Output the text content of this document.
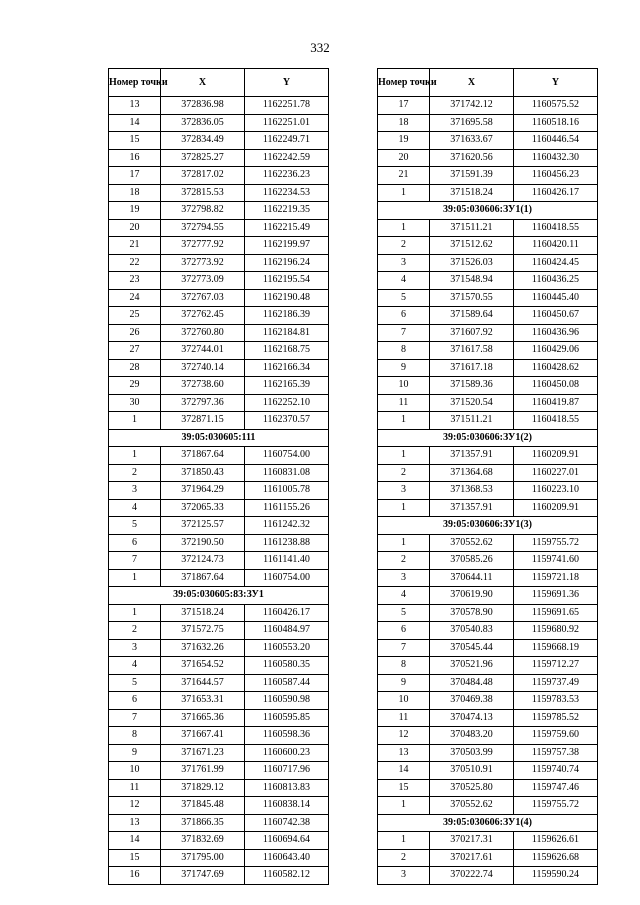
332
Номер точки	X	Y
13	372836.98	1162251.78
14	372836.05	1162251.01
15	372834.49	1162249.71
16	372825.27	1162242.59
17	372817.02	1162236.23
18	372815.53	1162234.53
19	372798.82	1162219.35
20	372794.55	1162215.49
21	372777.92	1162199.97
22	372773.92	1162196.24
23	372773.09	1162195.54
24	372767.03	1162190.48
25	372762.45	1162186.39
26	372760.80	1162184.81
27	372744.01	1162168.75
28	372740.14	1162166.34
29	372738.60	1162165.39
30	372797.36	1162252.10
1	372871.15	1162370.57
39:05:030605:111		
1	371867.64	1160754.00
2	371850.43	1160831.08
3	371964.29	1161005.78
4	372065.33	1161155.26
5	372125.57	1161242.32
6	372190.50	1161238.88
7	372124.73	1161141.40
1	371867.64	1160754.00
39:05:030605:83:ЗУ1		
1	371518.24	1160426.17
2	371572.75	1160484.97
3	371632.26	1160553.20
4	371654.52	1160580.35
5	371644.57	1160587.44
6	371653.31	1160590.98
7	371665.36	1160595.85
8	371667.41	1160598.36
9	371671.23	1160600.23
10	371761.99	1160717.96
11	371829.12	1160813.83
12	371845.48	1160838.14
13	371866.35	1160742.38
14	371832.69	1160694.64
15	371795.00	1160643.40
16	371747.69	1160582.12
Номер точки	X	Y
17	371742.12	1160575.52
18	371695.58	1160518.16
19	371633.67	1160446.54
20	371620.56	1160432.30
21	371591.39	1160456.23
1	371518.24	1160426.17
39:05:030606:ЗУ1(1)		
1	371511.21	1160418.55
2	371512.62	1160420.11
3	371526.03	1160424.45
4	371548.94	1160436.25
5	371570.55	1160445.40
6	371589.64	1160450.67
7	371607.92	1160436.96
8	371617.58	1160429.06
9	371617.18	1160428.62
10	371589.36	1160450.08
11	371520.54	1160419.87
1	371511.21	1160418.55
39:05:030606:ЗУ1(2)		
1	371357.91	1160209.91
2	371364.68	1160227.01
3	371368.53	1160223.10
1	371357.91	1160209.91
39:05:030606:ЗУ1(3)		
1	370552.62	1159755.72
2	370585.26	1159741.60
3	370644.11	1159721.18
4	370619.90	1159691.36
5	370578.90	1159691.65
6	370540.83	1159680.92
7	370545.44	1159668.19
8	370521.96	1159712.27
9	370484.48	1159737.49
10	370469.38	1159783.53
11	370474.13	1159785.52
12	370483.20	1159759.60
13	370503.99	1159757.38
14	370510.91	1159740.74
15	370525.80	1159747.46
1	370552.62	1159755.72
39:05:030606:ЗУ1(4)		
1	370217.31	1159626.61
2	370217.61	1159626.68
3	370222.74	1159590.24
